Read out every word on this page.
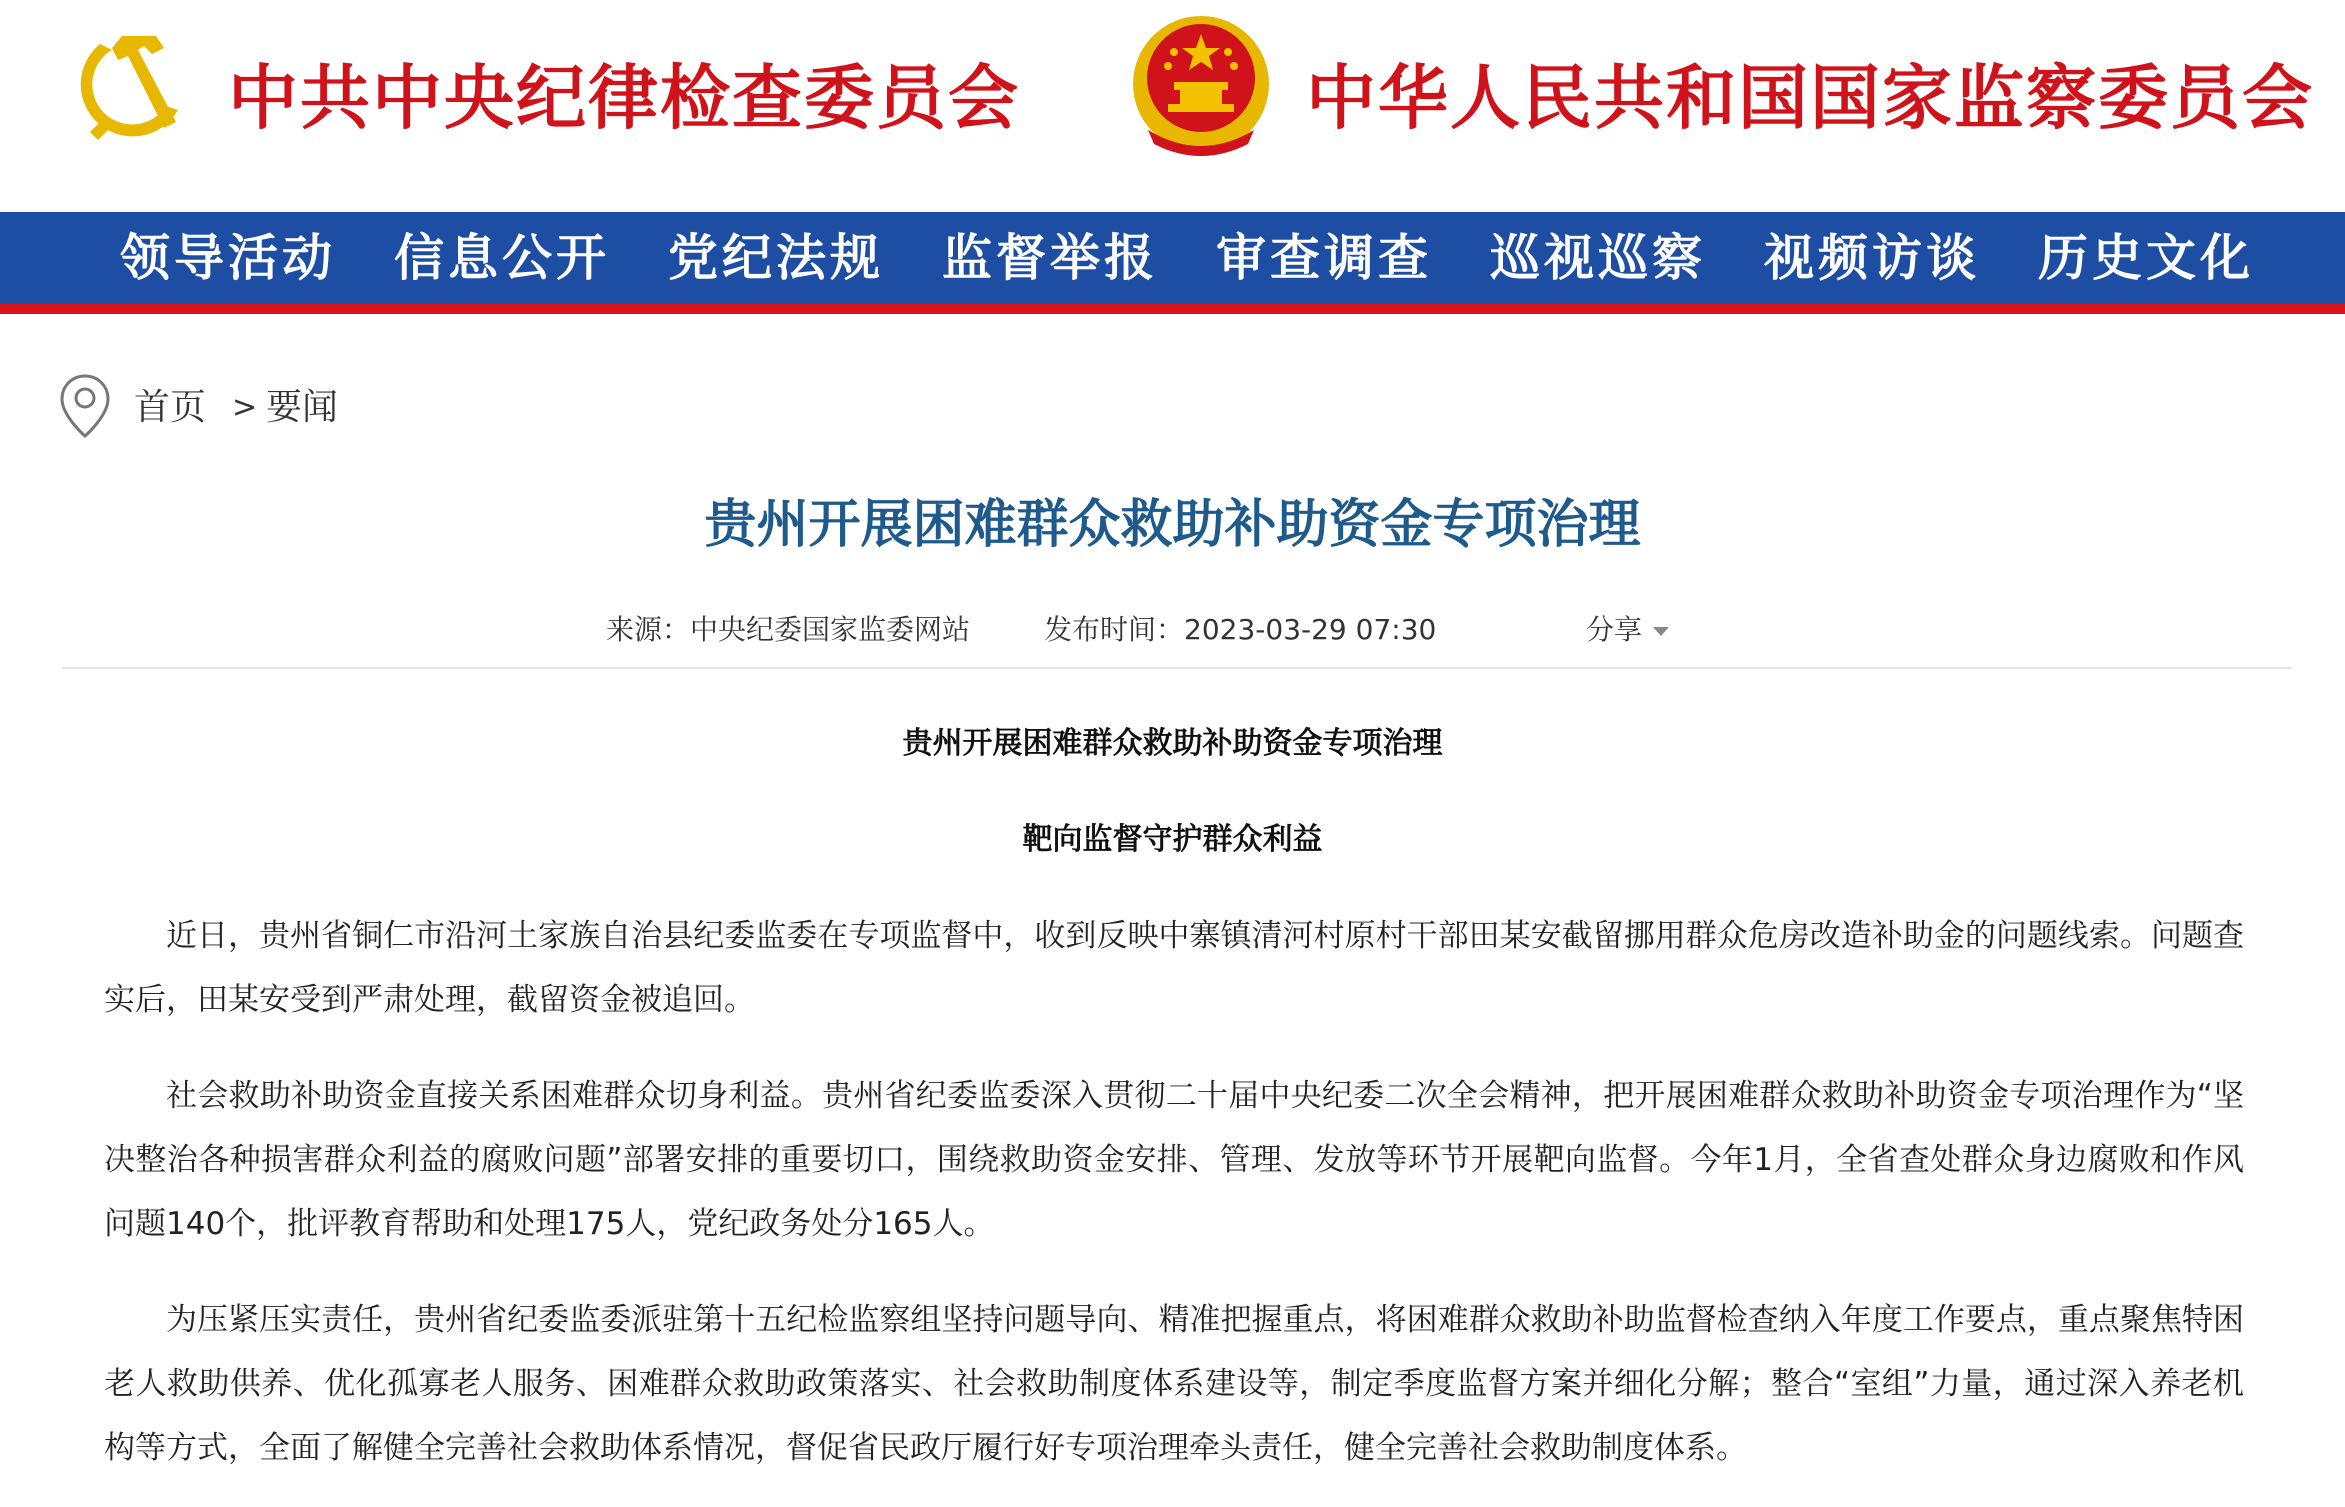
中共中央纪律检查委员会	中华人民共和国国家监察委员会
领导活动 信息公开 党纪法规 监督举报 审查调查 巡视巡察 视频访谈 历史文化
首页 > 要闻
贵州开展困难群众救助补助资金专项治理
来源：中央纪委国家监委网站	发布时间：2023-03-29 07:30	分享
贵州开展困难群众救助补助资金专项治理
靶向监督守护群众利益

近日，贵州省铜仁市沿河土家族自治县纪委监委在专项监督中，收到反映中寨镇清河村原村干部田某安截留挪用群众危房改造补助金的问题线索。问题查实后，田某安受到严肃处理，截留资金被追回。

社会救助补助资金直接关系困难群众切身利益。贵州省纪委监委深入贯彻二十届中央纪委二次全会精神，把开展困难群众救助补助资金专项治理作为“坚决整治各种损害群众利益的腐败问题”部署安排的重要切口，围绕救助资金安排、管理、发放等环节开展靶向监督。今年1月，全省查处群众身边腐败和作风问题140个，批评教育帮助和处理175人，党纪政务处分165人。

为压紧压实责任，贵州省纪委监委派驻第十五纪检监察组坚持问题导向、精准把握重点，将困难群众救助补助监督检查纳入年度工作要点，重点聚焦特困老人救助供养、优化孤寡老人服务、困难群众救助政策落实、社会救助制度体系建设等，制定季度监督方案并细化分解；整合“室组”力量，通过深入养老机构等方式，全面了解健全完善社会救助体系情况，督促省民政厅履行好专项治理牵头责任，健全完善社会救助制度体系。
